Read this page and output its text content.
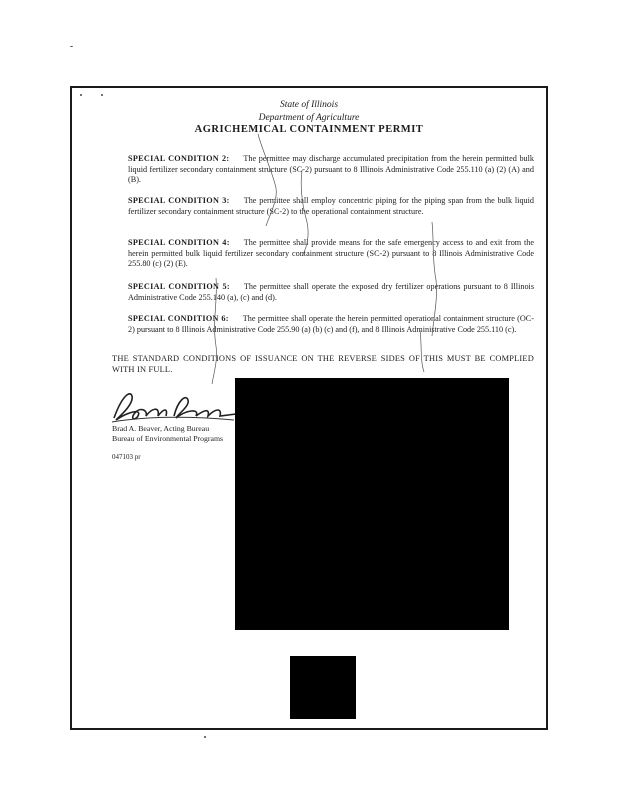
State of Illinois
Department of Agriculture
AGRICHEMICAL CONTAINMENT PERMIT

SPECIAL CONDITION 2: The permittee may discharge accumulated precipitation from the herein permitted bulk liquid fertilizer secondary containment structure (SC-2) pursuant to 8 Illinois Administrative Code 255.110 (a) (2) (A) and (B).

SPECIAL CONDITION 3: The permittee shall employ concentric piping for the piping span from the bulk liquid fertilizer secondary containment structure (SC-2) to the operational containment structure.

SPECIAL CONDITION 4: The permittee shall provide means for the safe emergency access to and exit from the herein permitted bulk liquid fertilizer secondary containment structure (SC-2) pursuant to 8 Illinois Administrative Code 255.80 (c) (2) (E).

SPECIAL CONDITION 5: The permittee shall operate the exposed dry fertilizer operations pursuant to 8 Illinois Administrative Code 255.140 (a), (c) and (d).

SPECIAL CONDITION 6: The permittee shall operate the herein permitted operational containment structure (OC-2) pursuant to 8 Illinois Administrative Code 255.90 (a) (b) (c) and (f), and 8 Illinois Administrative Code 255.110 (c).

THE STANDARD CONDITIONS OF ISSUANCE ON THE REVERSE SIDES OF THIS MUST BE COMPLIED WITH IN FULL.

Brad A. Beaver, Acting Bureau
Bureau of Environmental Programs
047103 pr
